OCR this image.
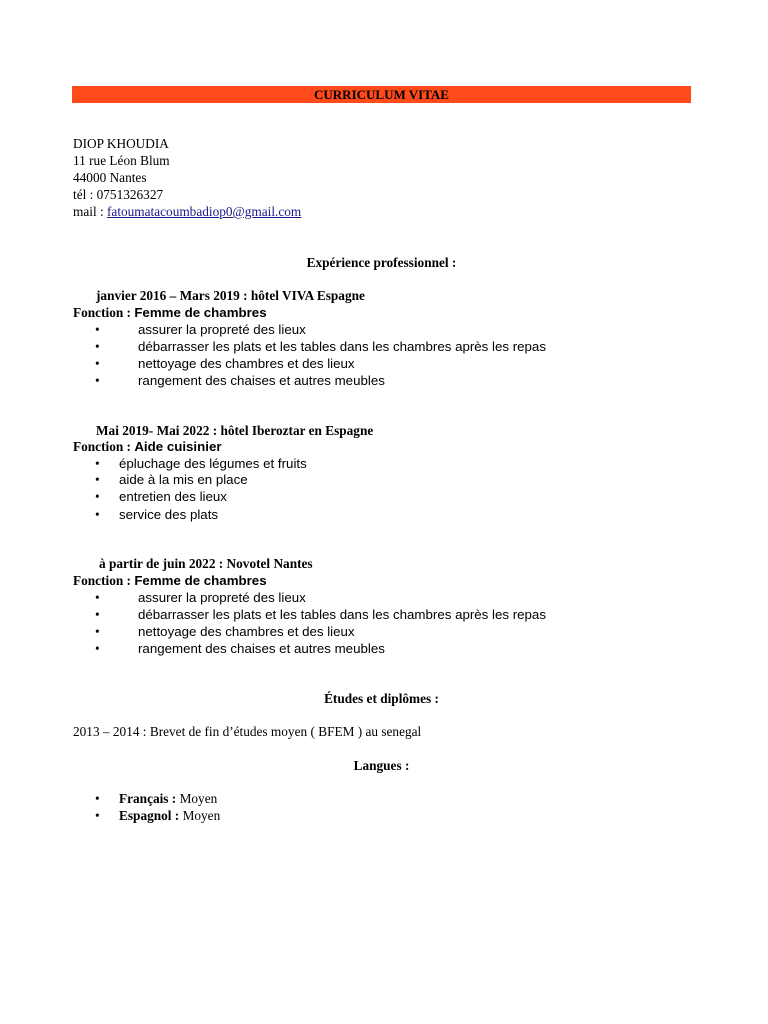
CURRICULUM VITAE
DIOP KHOUDIA
11 rue Léon Blum
44000 Nantes
tél : 0751326327
mail : fatoumatacoumbadiop0@gmail.com
Expérience professionnel :
janvier 2016 – Mars 2019 : hôtel VIVA Espagne
Fonction : Femme de chambres
•	assurer la propreté des lieux
•	débarrasser les plats et les tables dans les chambres après les repas
•	nettoyage des chambres et des lieux
•	rangement des chaises et autres meubles
Mai 2019- Mai 2022 : hôtel Iberoztar en Espagne
Fonction : Aide cuisinier
• épluchage des légumes et fruits
• aide à la mis en place
• entretien des lieux
• service des plats
à partir de juin 2022 : Novotel Nantes
Fonction : Femme de chambres
•	assurer la propreté des lieux
•	débarrasser les plats et les tables dans les chambres après les repas
•	nettoyage des chambres et des lieux
•	rangement des chaises et autres meubles
Études et diplômes :
2013 – 2014 : Brevet de fin d’études moyen ( BFEM ) au senegal
Langues :
• Français : Moyen
• Espagnol : Moyen
